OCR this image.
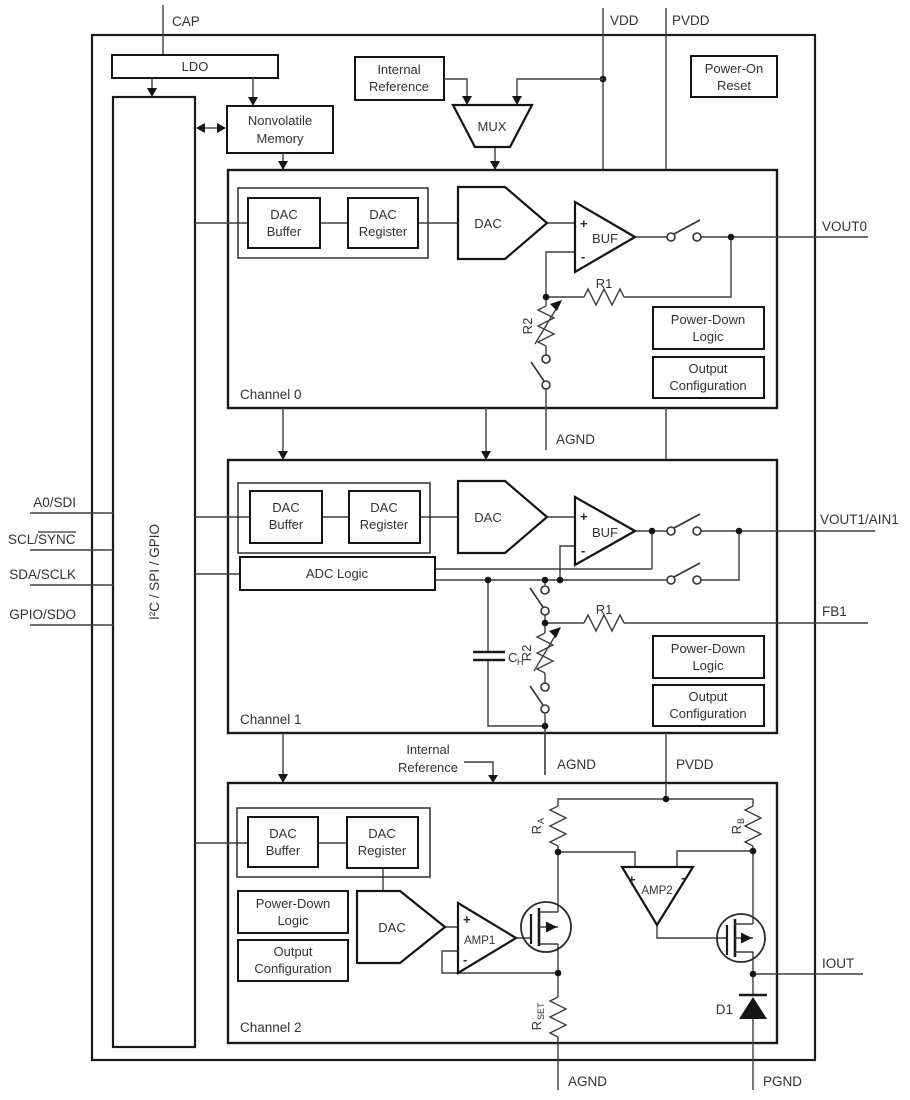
CAP	VDD PVDD
LDO
I²C / SPI / GPIO
A0/SDI
SCL/ SYNC
SDA/SCLK
GPIO/SDO
Nonvolatile
Memory
Internal
Reference
MUX
Power-On
Reset
Channel 0
DAC
Buffer
DAC
Register
DAC	+
BUF
-
R1
R2	Power-Down
Logic
Output
Configuration
VOUT0
AGND
Channel 1
DAC
Buffer
DAC
Register
ADC Logic
DAC	+
BUF
-
R1
R2
C H
Power-Down
Logic
Output
Configuration
VOUT1/AIN1
FB1
Internal
Reference	AGND	PVDD
Channel 2
DAC
Buffer
DAC
Register
Power-Down
Logic
Output
Configuration
DAC
+
AMP1
-
+	-
AMP2
R
A
R
B
R
SET	D1
IOUT
AGND	PGND
